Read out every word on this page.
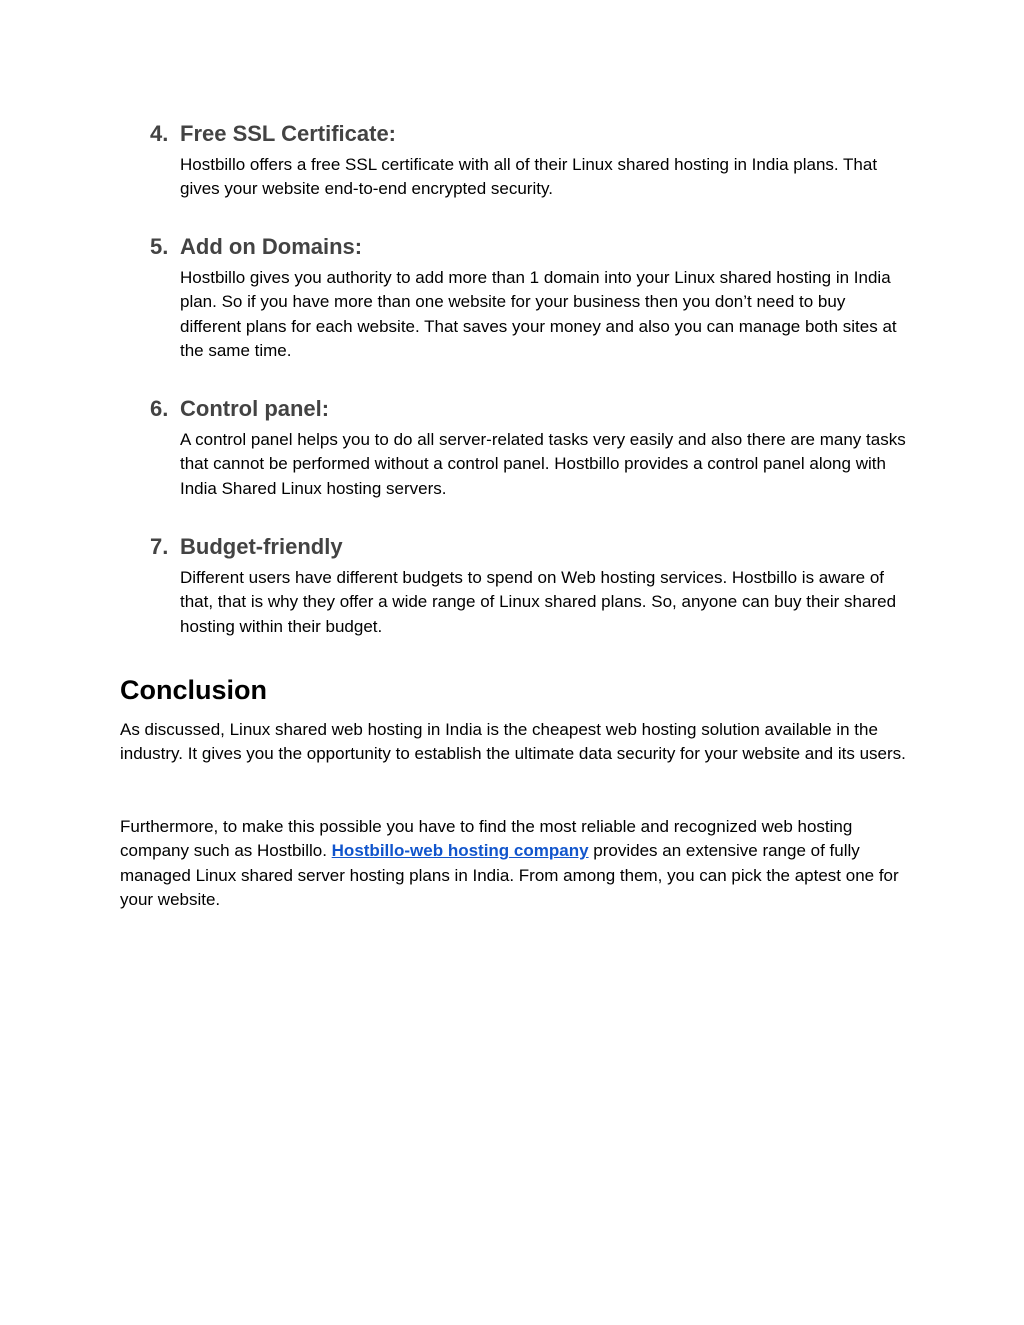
4. Free SSL Certificate:
Hostbillo offers a free SSL certificate with all of their Linux shared hosting in India plans. That gives your website end-to-end encrypted security.
5. Add on Domains:
Hostbillo gives you authority to add more than 1 domain into your Linux shared hosting in India plan. So if you have more than one website for your business then you don’t need to buy different plans for each website. That saves your money and also you can manage both sites at the same time.
6. Control panel:
A control panel helps you to do all server-related tasks very easily and also there are many tasks that cannot be performed without a control panel. Hostbillo provides a control panel along with India Shared Linux hosting servers.
7. Budget-friendly
Different users have different budgets to spend on Web hosting services. Hostbillo is aware of that, that is why they offer a wide range of Linux shared plans. So, anyone can buy their shared hosting within their budget.
Conclusion
As discussed, Linux shared web hosting in India is the cheapest web hosting solution available in the industry. It gives you the opportunity to establish the ultimate data security for your website and its users.
Furthermore, to make this possible you have to find the most reliable and recognized web hosting company such as Hostbillo. Hostbillo-web hosting company provides an extensive range of fully managed Linux shared server hosting plans in India. From among them, you can pick the aptest one for your website.
